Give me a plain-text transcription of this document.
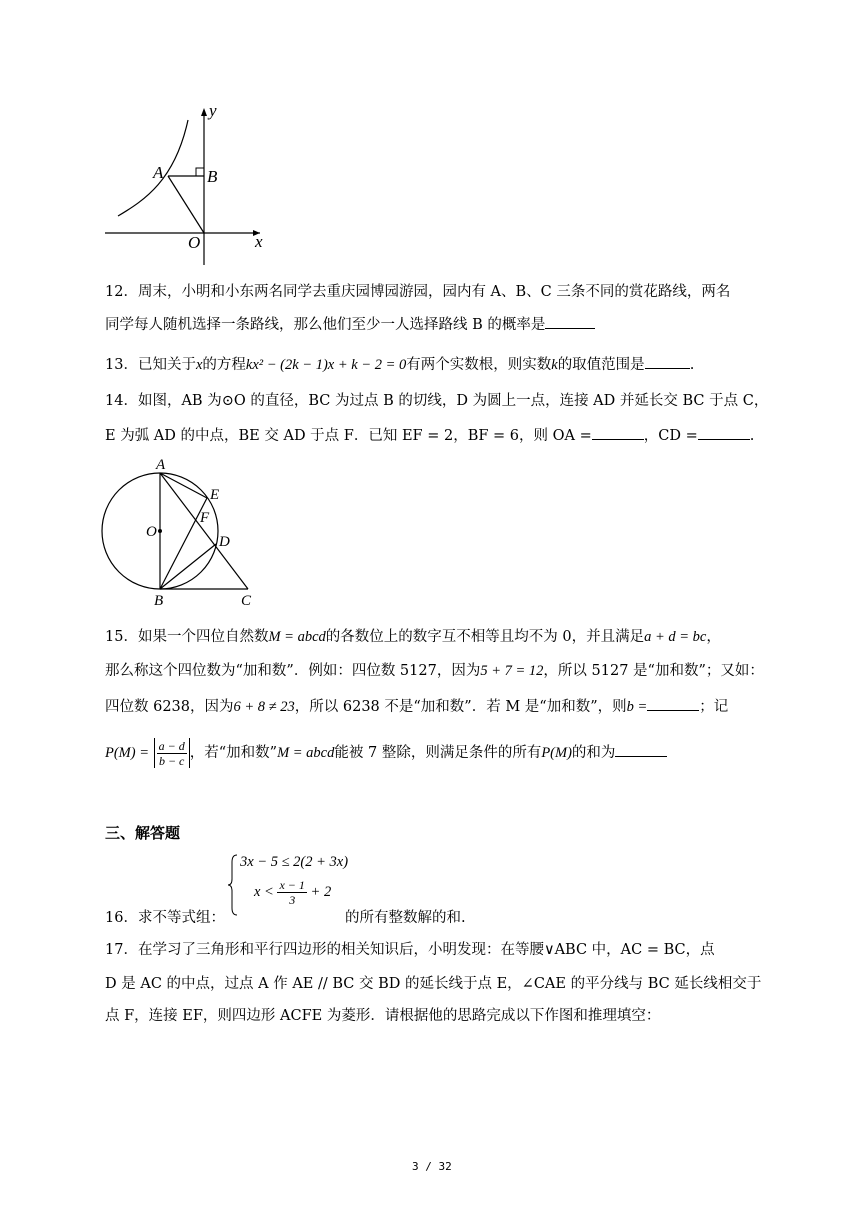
y
x
A	B
O
12．周末，小明和小东两名同学去重庆园博园游园，园内有 A、B、C 三条不同的赏花路线，两名
同学每人随机选择一条路线，那么他们至少一人选择路线 B 的概率是
13．已知关于x的方程kx² − (2k − 1)x + k − 2 = 0有两个实数根，则实数k的取值范围是	.
14．如图，AB 为⊙O 的直径，BC 为过点 B 的切线，D 为圆上一点，连接 AD 并延长交 BC 于点 C，
E 为弧 AD 的中点，BE 交 AD 于点 F．已知 EF = 2，BF = 6，则 OA =	，CD =	.
A
E
F
D
O
B	C
15．如果一个四位自然数M = abcd的各数位上的数字互不相等且均不为 0，并且满足a + d = bc，
那么称这个四位数为“加和数”．例如：四位数 5127，因为5 + 7 = 12，所以 5127 是“加和数”；又如：
四位数 6238，因为6 + 8 ≠ 23，所以 6238 不是“加和数”．若 M 是“加和数”，则b =	；记
$P(M) = \frac{a - d}{b - c}$ ，若“加和数”M = abcd能被 7 整除，则满足条件的所有P(M)的和为
三、解答题
3x − 5 ≤ 2(2 + 3x)
$x < \frac{x - 1}{3} + 2$
16．求不等式组：	的所有整数解的和.
17．在学习了三角形和平行四边形的相关知识后，小明发现：在等腰∨ABC 中，AC = BC，点
D 是 AC 的中点，过点 A 作 AE // BC 交 BD 的延长线于点 E，∠CAE 的平分线与 BC 延长线相交于
点 F，连接 EF，则四边形 ACFE 为菱形．请根据他的思路完成以下作图和推理填空：
3 / 32
